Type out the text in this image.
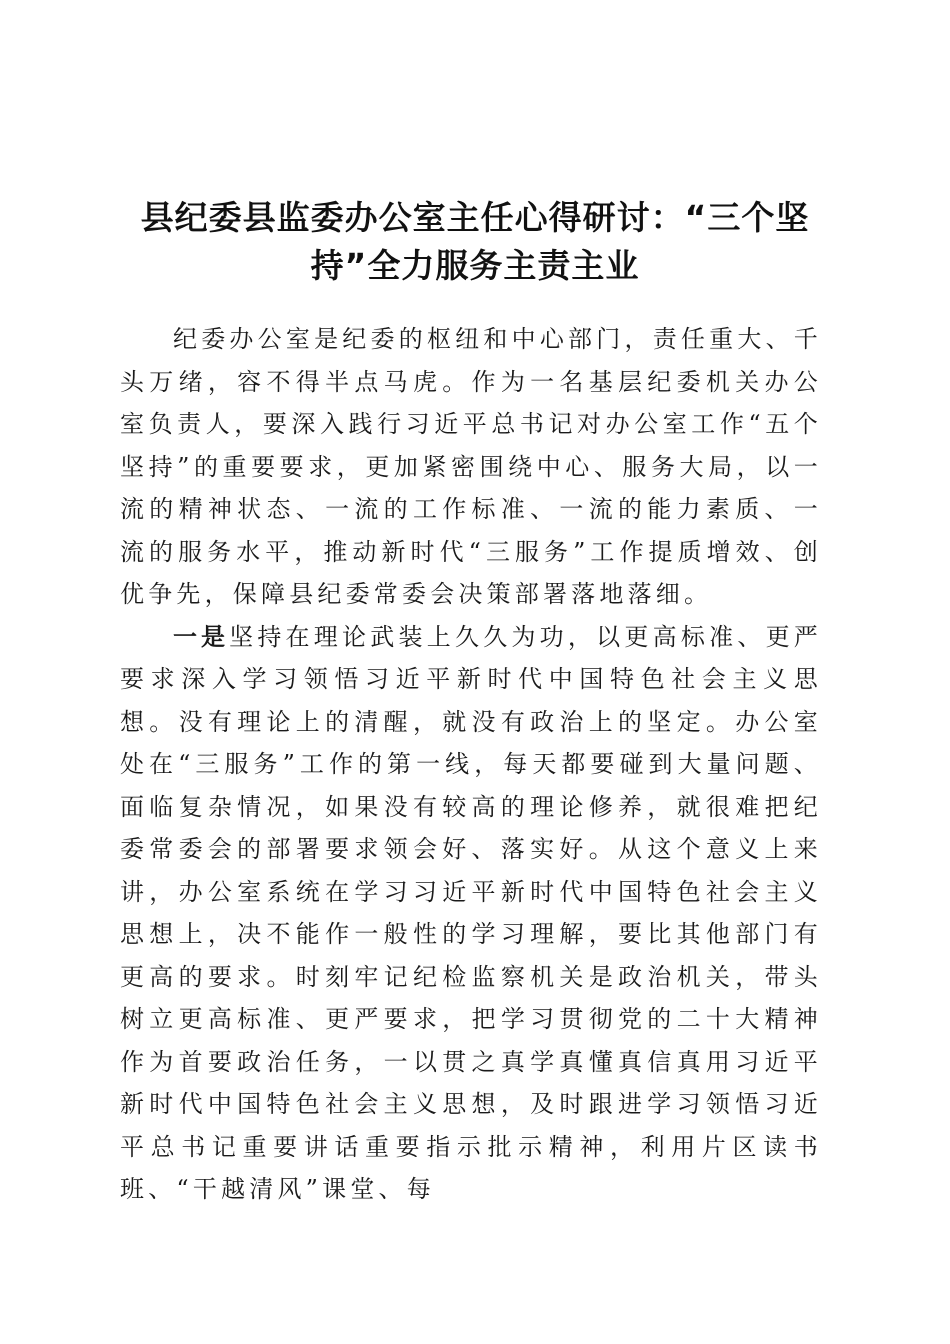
县纪委县监委办公室主任心得研讨：“三个坚持”全力服务主责主业

纪委办公室是纪委的枢纽和中心部门，责任重大、千头万绪，容不得半点马虎。作为一名基层纪委机关办公室负责人，要深入践行习近平总书记对办公室工作“五个坚持”的重要要求，更加紧密围绕中心、服务大局，以一流的精神状态、一流的工作标准、一流的能力素质、一流的服务水平，推动新时代“三服务”工作提质增效、创优争先，保障县纪委常委会决策部署落地落细。

一是坚持在理论武装上久久为功，以更高标准、更严要求深入学习领悟习近平新时代中国特色社会主义思想。没有理论上的清醒，就没有政治上的坚定。办公室处在“三服务”工作的第一线，每天都要碰到大量问题、面临复杂情况，如果没有较高的理论修养，就很难把纪委常委会的部署要求领会好、落实好。从这个意义上来讲，办公室系统在学习习近平新时代中国特色社会主义思想上，决不能作一般性的学习理解，要比其他部门有更高的要求。时刻牢记纪检监察机关是政治机关，带头树立更高标准、更严要求，把学习贯彻党的二十大精神作为首要政治任务，一以贯之真学真懂真信真用习近平新时代中国特色社会主义思想，及时跟进学习领悟习近平总书记重要讲话重要指示批示精神，利用片区读书班、“干越清风”课堂、每
